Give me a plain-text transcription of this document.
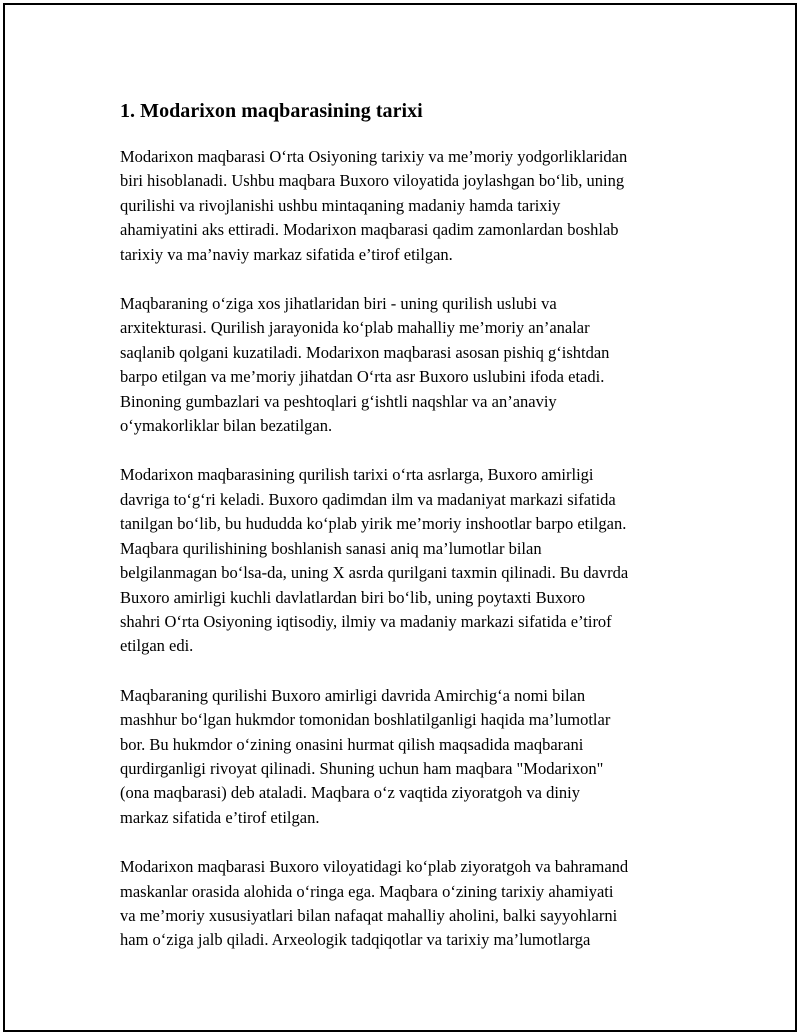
1. Modarixon maqbarasining tarixi
Modarixon maqbarasi O‘rta Osiyoning tarixiy va me’moriy yodgorliklaridan
biri hisoblanadi. Ushbu maqbara Buxoro viloyatida joylashgan bo‘lib, uning
qurilishi va rivojlanishi ushbu mintaqaning madaniy hamda tarixiy
ahamiyatini aks ettiradi. Modarixon maqbarasi qadim zamonlardan boshlab
tarixiy va ma’naviy markaz sifatida e’tirof etilgan.
Maqbaraning o‘ziga xos jihatlaridan biri - uning qurilish uslubi va
arxitekturasi. Qurilish jarayonida ko‘plab mahalliy me’moriy an’analar
saqlanib qolgani kuzatiladi. Modarixon maqbarasi asosan pishiq g‘ishtdan
barpo etilgan va me’moriy jihatdan O‘rta asr Buxoro uslubini ifoda etadi.
Binoning gumbazlari va peshtoqlari g‘ishtli naqshlar va an’anaviy
o‘ymakorliklar bilan bezatilgan.
Modarixon maqbarasining qurilish tarixi o‘rta asrlarga, Buxoro amirligi
davriga to‘g‘ri keladi. Buxoro qadimdan ilm va madaniyat markazi sifatida
tanilgan bo‘lib, bu hududda ko‘plab yirik me’moriy inshootlar barpo etilgan.
Maqbara qurilishining boshlanish sanasi aniq ma’lumotlar bilan
belgilanmagan bo‘lsa-da, uning X asrda qurilgani taxmin qilinadi. Bu davrda
Buxoro amirligi kuchli davlatlardan biri bo‘lib, uning poytaxti Buxoro
shahri O‘rta Osiyoning iqtisodiy, ilmiy va madaniy markazi sifatida e’tirof
etilgan edi.
Maqbaraning qurilishi Buxoro amirligi davrida Amirchig‘a nomi bilan
mashhur bo‘lgan hukmdor tomonidan boshlatilganligi haqida ma’lumotlar
bor. Bu hukmdor o‘zining onasini hurmat qilish maqsadida maqbarani
qurdirganligi rivoyat qilinadi. Shuning uchun ham maqbara "Modarixon"
(ona maqbarasi) deb ataladi. Maqbara o‘z vaqtida ziyoratgoh va diniy
markaz sifatida e’tirof etilgan.
Modarixon maqbarasi Buxoro viloyatidagi ko‘plab ziyoratgoh va bahramand
maskanlar orasida alohida o‘ringa ega. Maqbara o‘zining tarixiy ahamiyati
va me’moriy xususiyatlari bilan nafaqat mahalliy aholini, balki sayyohlarni
ham o‘ziga jalb qiladi. Arxeologik tadqiqotlar va tarixiy ma’lumotlarga
